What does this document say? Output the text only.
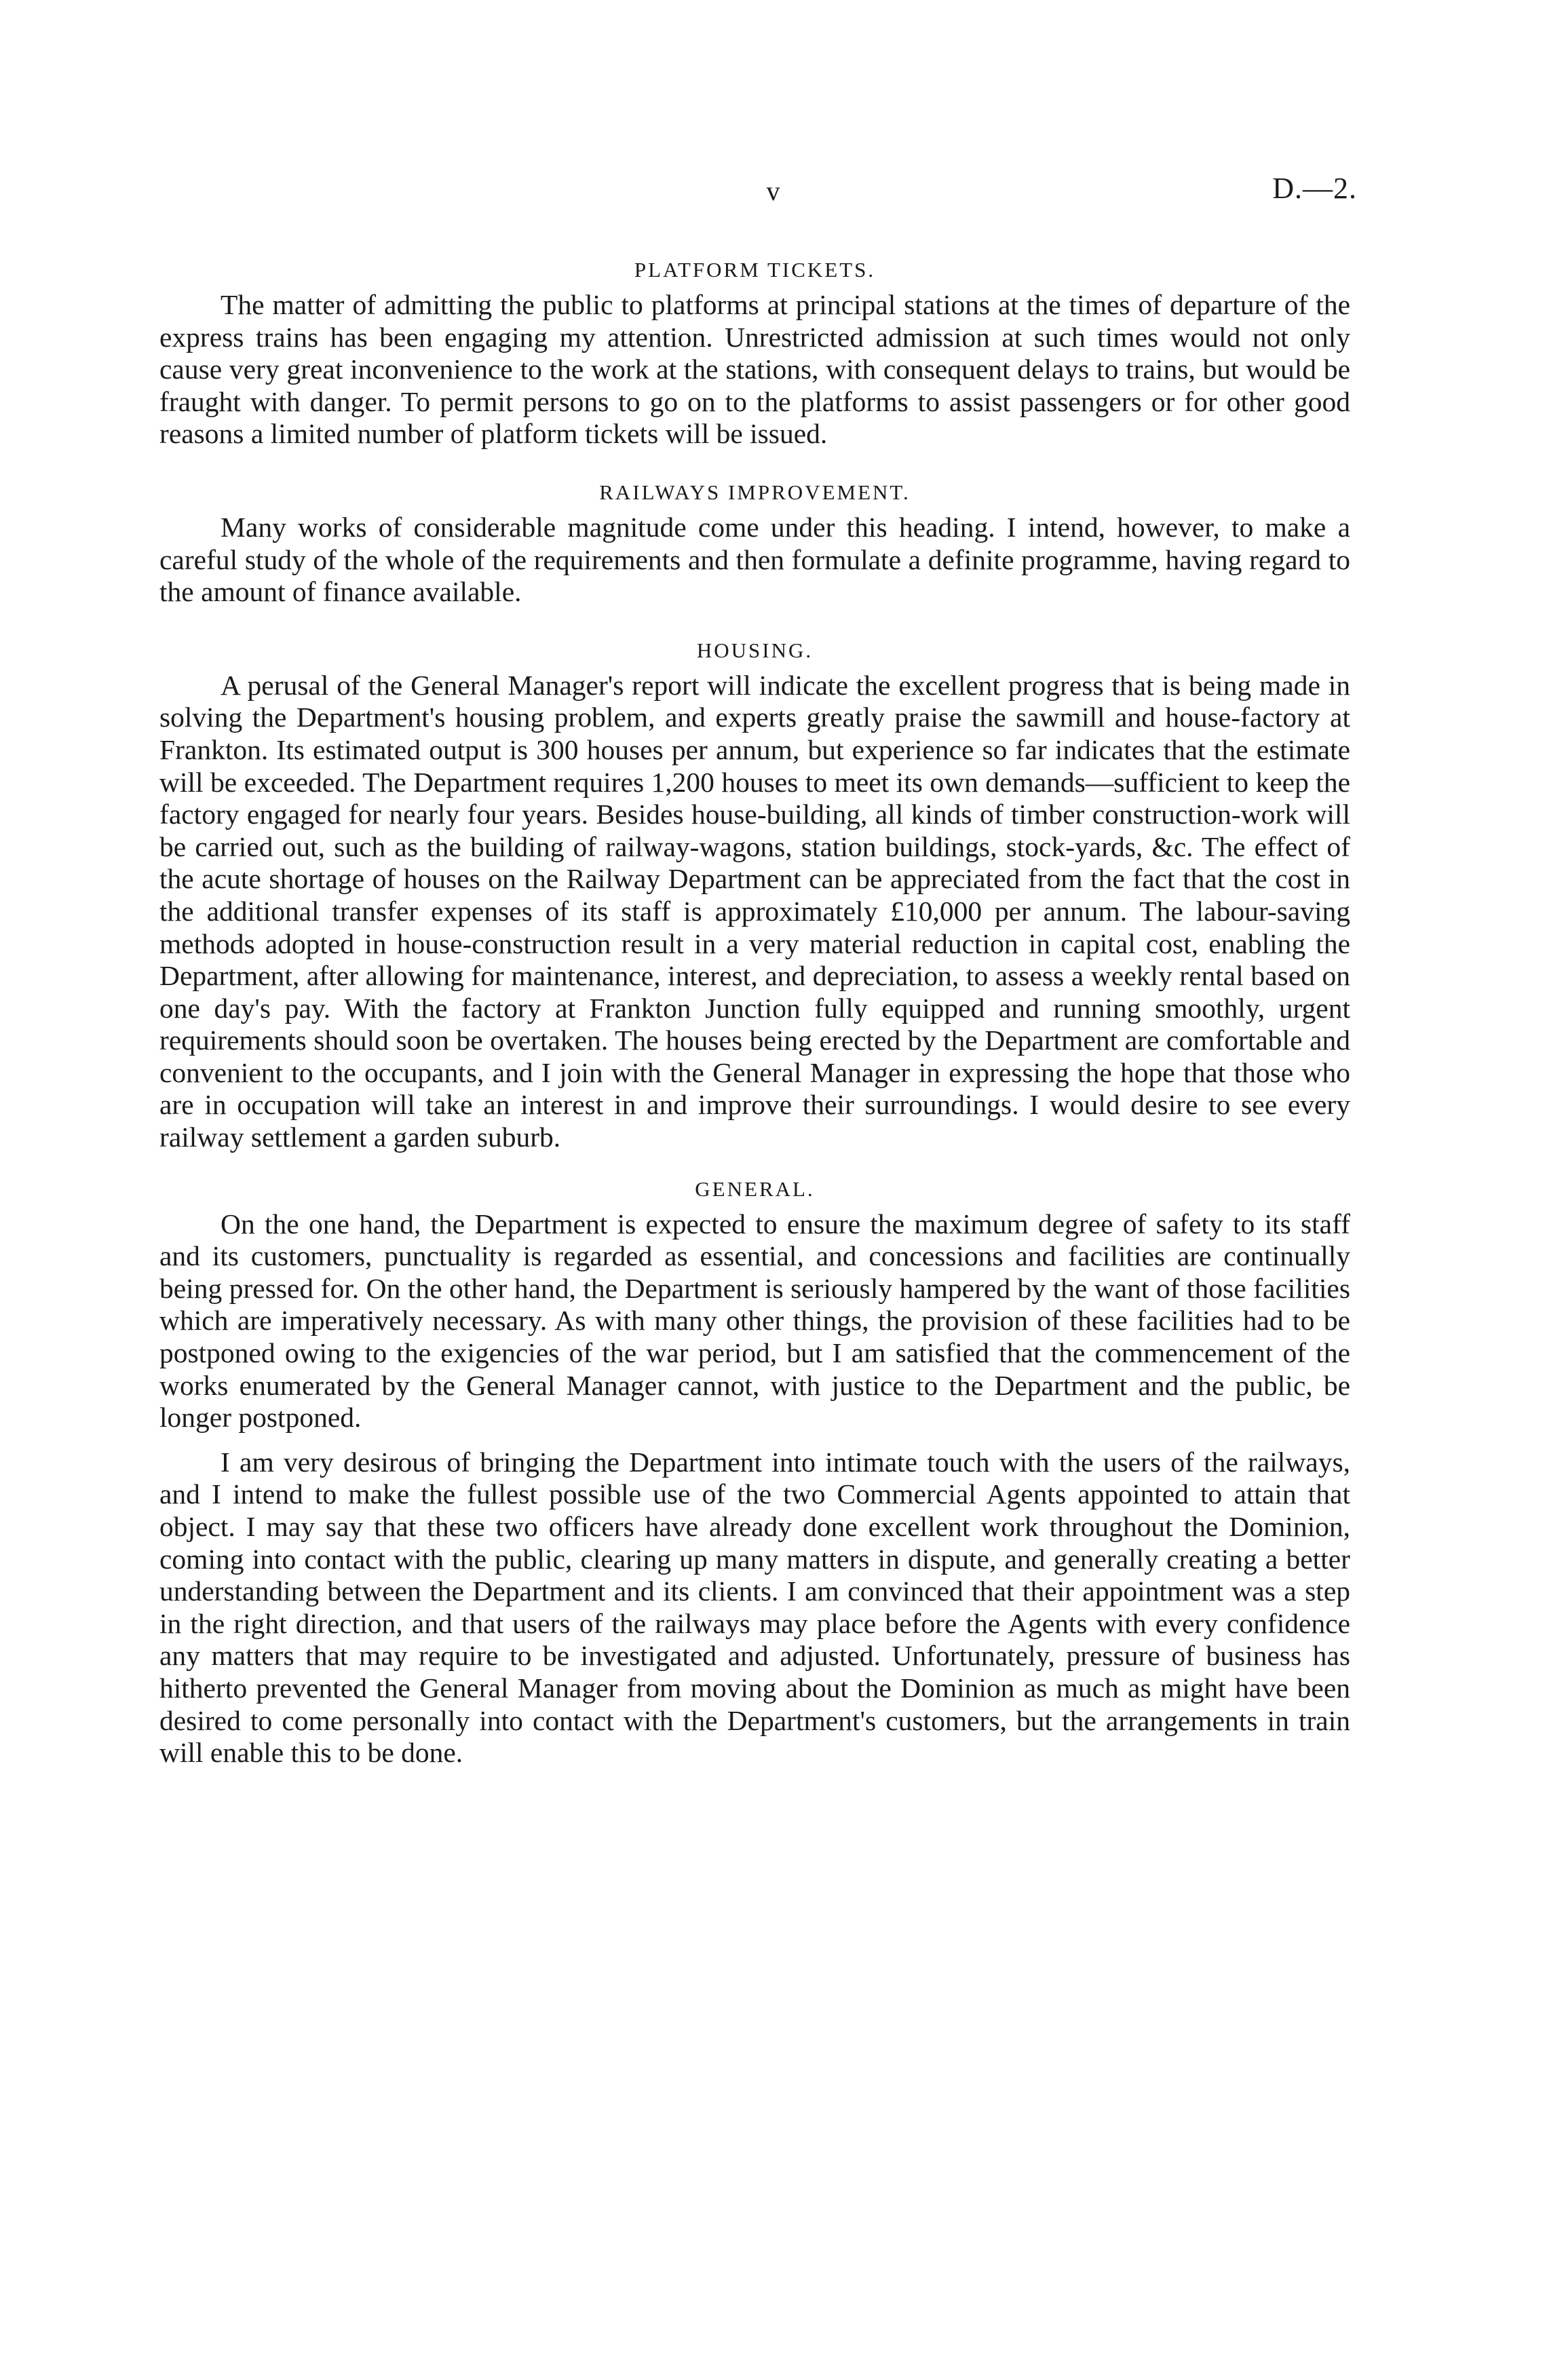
v	D.—2.
PLATFORM TICKETS.

The matter of admitting the public to platforms at principal stations at the times of departure of the express trains has been engaging my attention. Unrestricted admission at such times would not only cause very great inconvenience to the work at the stations, with consequent delays to trains, but would be fraught with danger. To permit persons to go on to the platforms to assist passengers or for other good reasons a limited number of platform tickets will be issued.

RAILWAYS IMPROVEMENT.

Many works of considerable magnitude come under this heading. I intend, however, to make a careful study of the whole of the requirements and then formulate a definite programme, having regard to the amount of finance available.

HOUSING.

A perusal of the General Manager's report will indicate the excellent progress that is being made in solving the Department's housing problem, and experts greatly praise the sawmill and house-factory at Frankton. Its estimated output is 300 houses per annum, but experience so far indicates that the estimate will be exceeded. The Department requires 1,200 houses to meet its own demands—sufficient to keep the factory engaged for nearly four years. Besides house-building, all kinds of timber construction-work will be carried out, such as the building of railway-wagons, station buildings, stock-yards, &c. The effect of the acute shortage of houses on the Railway Department can be appreciated from the fact that the cost in the additional transfer expenses of its staff is approximately £10,000 per annum. The labour-saving methods adopted in house-construction result in a very material reduction in capital cost, enabling the Department, after allowing for maintenance, interest, and depreciation, to assess a weekly rental based on one day's pay. With the factory at Frankton Junction fully equipped and running smoothly, urgent requirements should soon be overtaken. The houses being erected by the Department are comfortable and convenient to the occupants, and I join with the General Manager in expressing the hope that those who are in occupation will take an interest in and improve their surroundings. I would desire to see every railway settlement a garden suburb.

GENERAL.

On the one hand, the Department is expected to ensure the maximum degree of safety to its staff and its customers, punctuality is regarded as essential, and concessions and facilities are continually being pressed for. On the other hand, the Department is seriously hampered by the want of those facilities which are imperatively necessary. As with many other things, the provision of these facilities had to be postponed owing to the exigencies of the war period, but I am satisfied that the commencement of the works enumerated by the General Manager cannot, with justice to the Department and the public, be longer postponed.

I am very desirous of bringing the Department into intimate touch with the users of the railways, and I intend to make the fullest possible use of the two Commercial Agents appointed to attain that object. I may say that these two officers have already done excellent work throughout the Dominion, coming into contact with the public, clearing up many matters in dispute, and generally creating a better understanding between the Department and its clients. I am convinced that their appointment was a step in the right direction, and that users of the railways may place before the Agents with every confidence any matters that may require to be investigated and adjusted. Unfortunately, pressure of business has hitherto prevented the General Manager from moving about the Dominion as much as might have been desired to come personally into contact with the Department's customers, but the arrangements in train will enable this to be done.
